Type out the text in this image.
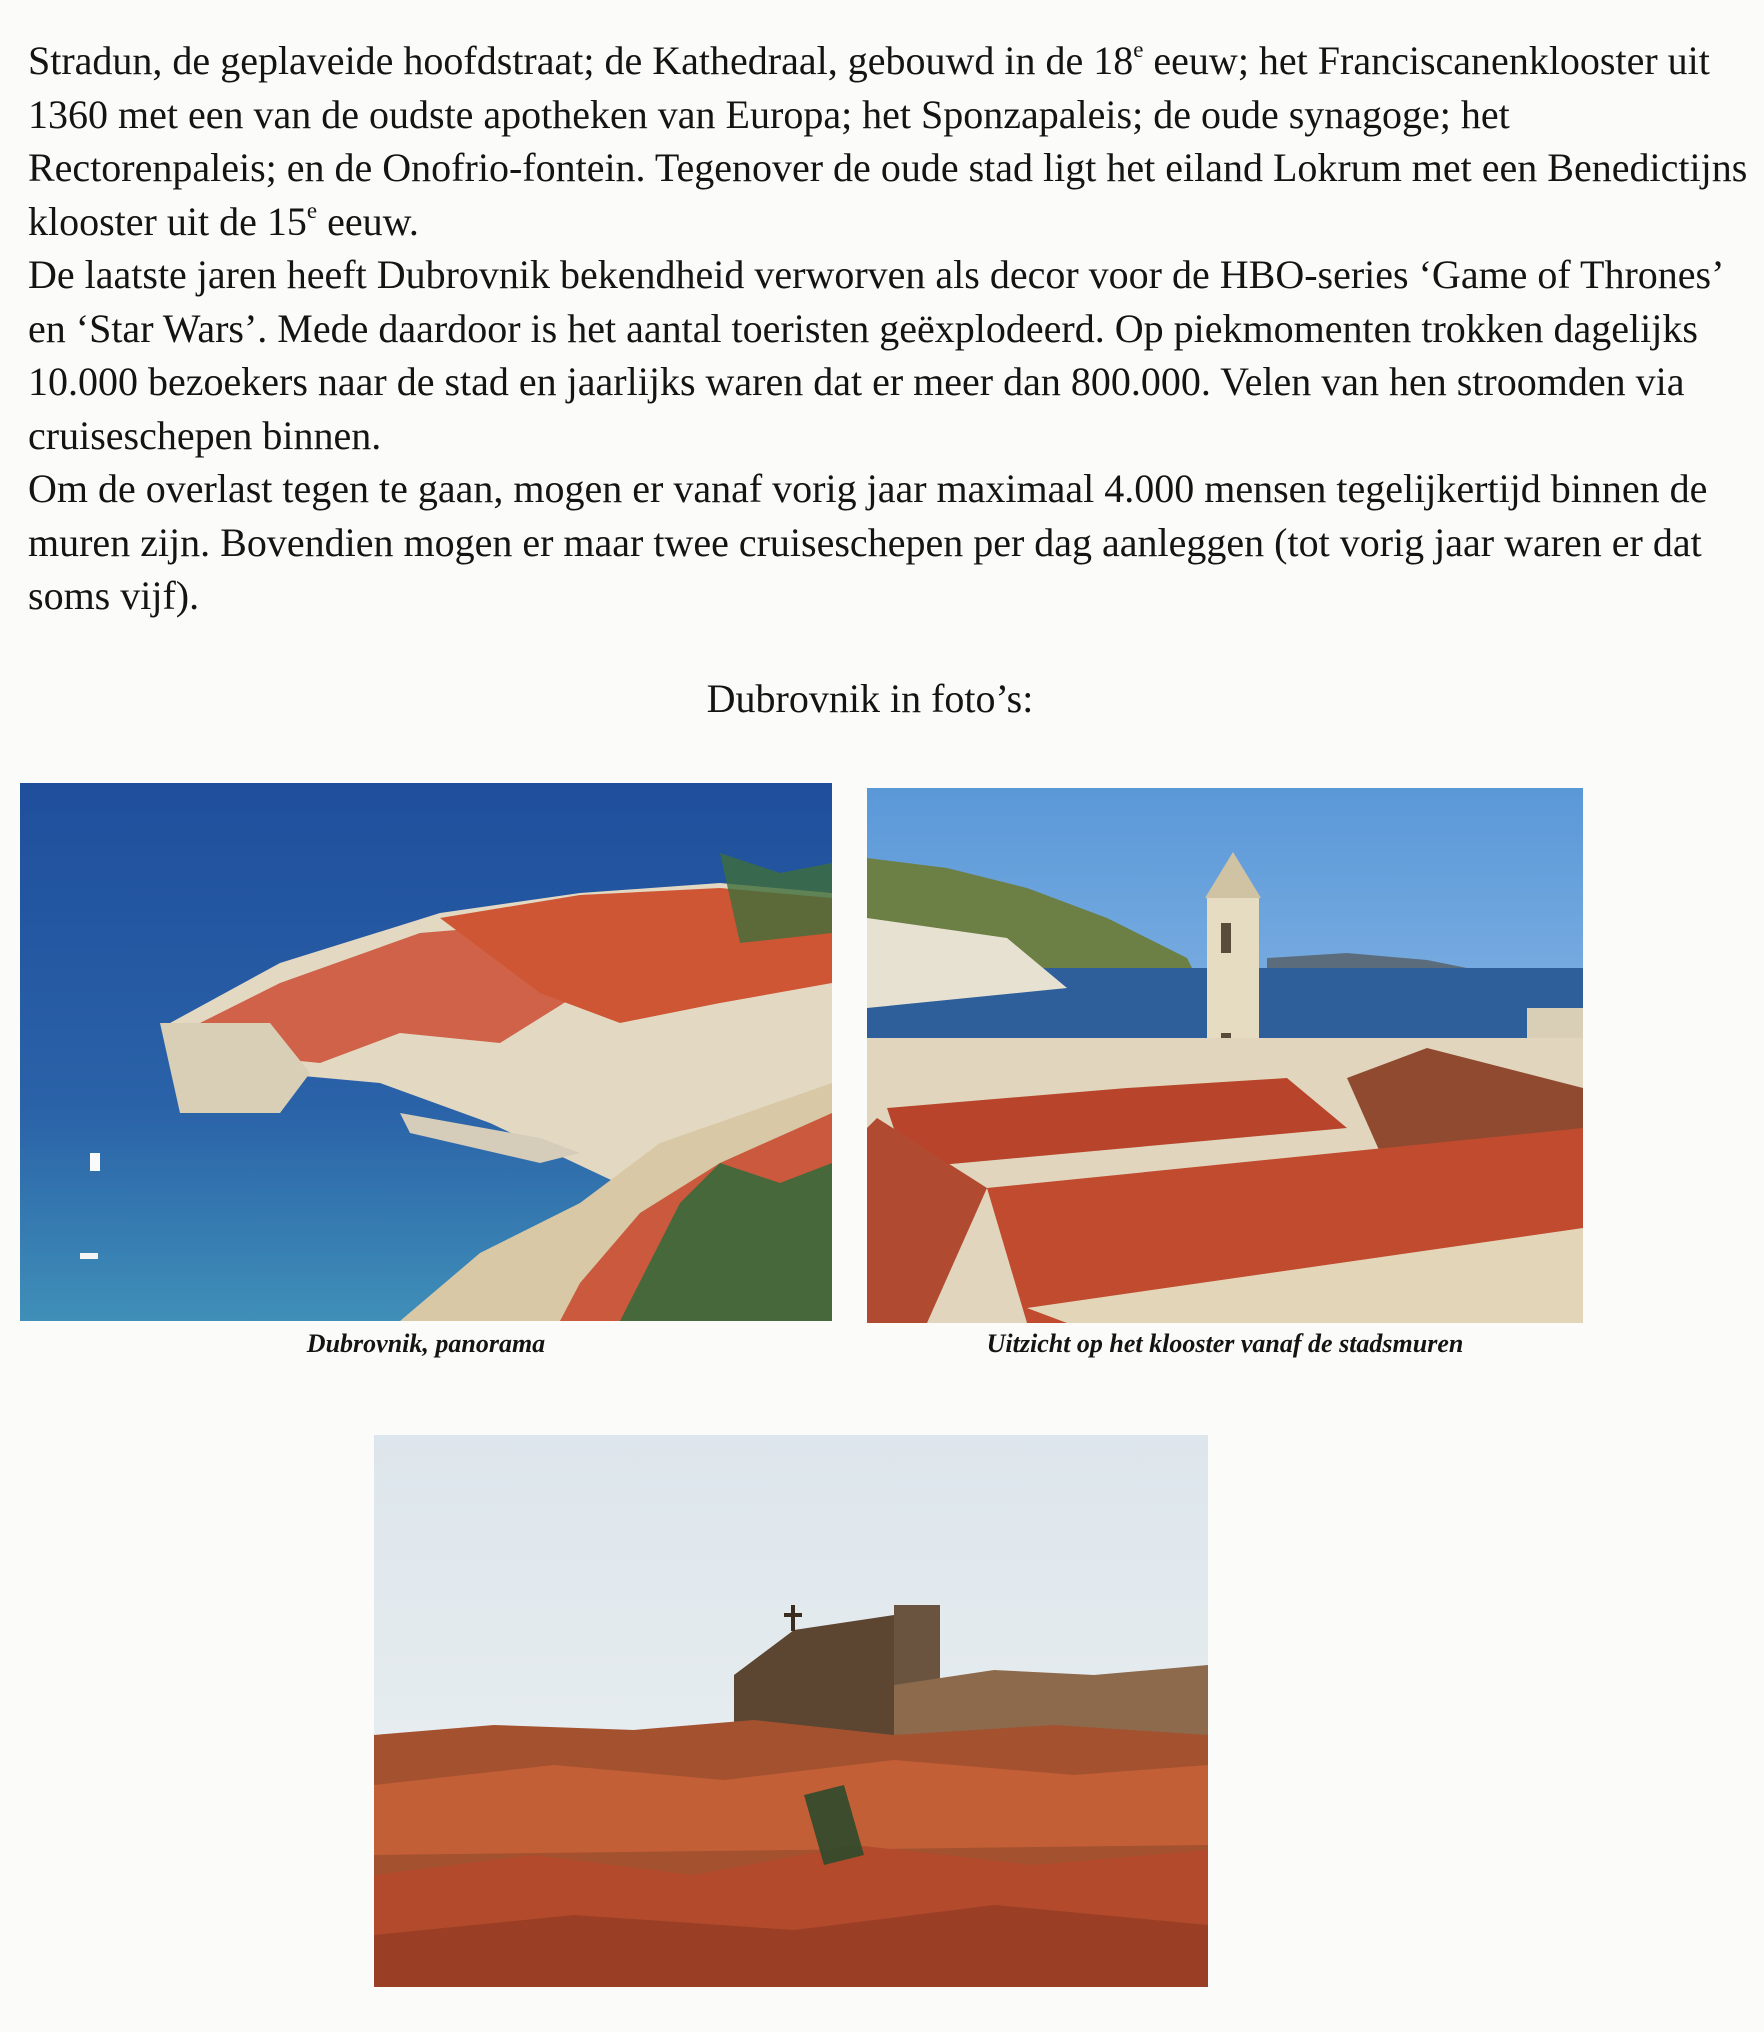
Stradun, de geplaveide hoofdstraat; de Kathedraal, gebouwd in de 18e eeuw; het Franciscanenklooster uit 1360 met een van de oudste apotheken van Europa; het Sponzapaleis; de oude synagoge; het Rectorenpaleis; en de Onofrio-fontein. Tegenover de oude stad ligt het eiland Lokrum met een Benedictijns klooster uit de 15e eeuw.

De laatste jaren heeft Dubrovnik bekendheid verworven als decor voor de HBO-series ‘Game of Thrones’ en ‘Star Wars’. Mede daardoor is het aantal toeristen geëxplodeerd. Op piekmomenten trokken dagelijks 10.000 bezoekers naar de stad en jaarlijks waren dat er meer dan 800.000. Velen van hen stroomden via cruiseschepen binnen.

Om de overlast tegen te gaan, mogen er vanaf vorig jaar maximaal 4.000 mensen tegelijkertijd binnen de muren zijn. Bovendien mogen er maar twee cruiseschepen per dag aanleggen (tot vorig jaar waren er dat soms vijf).

Dubrovnik in foto’s:
Dubrovnik, panorama	Uitzicht op het klooster vanaf de stadsmuren
